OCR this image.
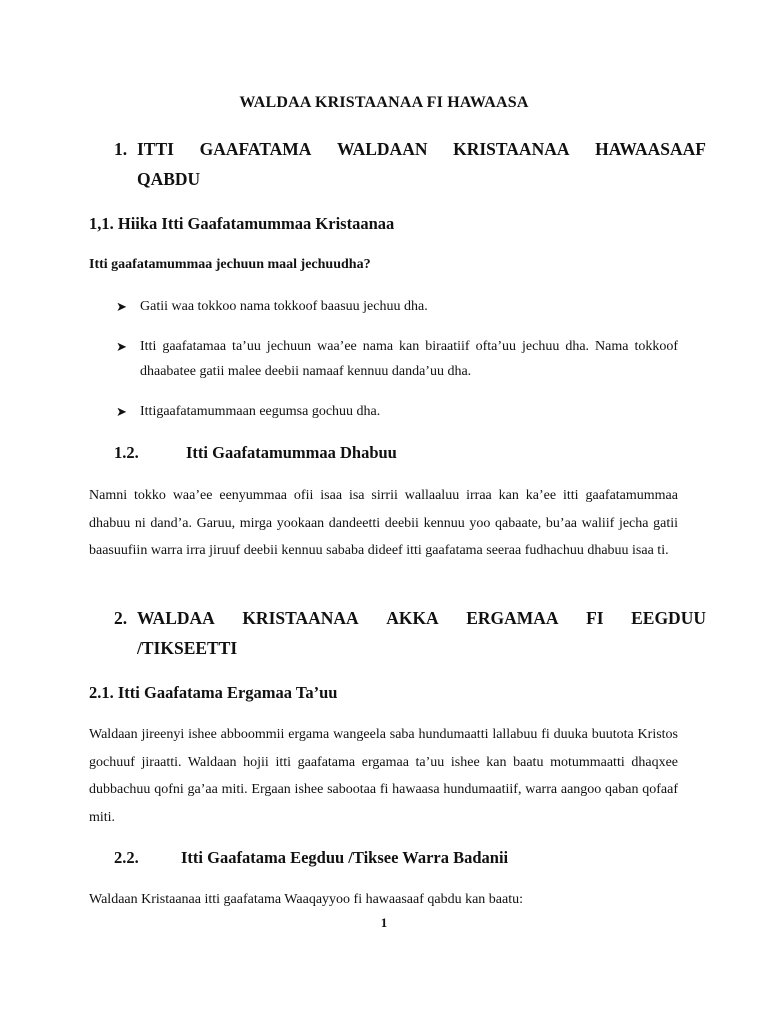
WALDAA KRISTAANAA FI HAWAASA

1. ITTI GAAFATAMA WALDAAN KRISTAANAA HAWAASAAF
QABDU

1,1. Hiika Itti Gaafatamummaa Kristaanaa

Itti gaafatamummaa jechuun maal jechuudha?

➤ Gatii waa tokkoo nama tokkoof baasuu jechuu dha.
➤ Itti gaafatamaa ta’uu jechuun waa’ee nama kan biraatiif ofta’uu jechuu dha. Nama tokkoof dhaabatee gatii malee deebii namaaf kennuu danda’uu dha.
➤ Ittigaafatamummaan eegumsa gochuu dha.

1.2.	Itti Gaafatamummaa Dhabuu

Namni tokko waa’ee eenyummaa ofii isaa isa sirrii wallaaluu irraa kan ka’ee itti gaafatamummaa dhabuu ni dand’a. Garuu, mirga yookaan dandeetti deebii kennuu yoo qabaate, bu’aa waliif jecha gatii baasuufiin warra irra jiruuf deebii kennuu sababa dideef itti gaafatama seeraa fudhachuu dhabuu isaa ti.

2. WALDAA KRISTAANAA AKKA ERGAMAA FI EEGDUU
/TIKSEETTI

2.1. Itti Gaafatama Ergamaa Ta’uu

Waldaan jireenyi ishee abboommii ergama wangeela saba hundumaatti lallabuu fi duuka buutota Kristos gochuuf jiraatti. Waldaan hojii itti gaafatama ergamaa ta’uu ishee kan baatu motummaatti dhaqxee dubbachuu qofni ga’aa miti. Ergaan ishee sabootaa fi hawaasa hundumaatiif, warra aangoo qaban qofaaf miti.

2.2.	Itti Gaafatama Eegduu /Tiksee Warra Badanii

Waldaan Kristaanaa itti gaafatama Waaqayyoo fi hawaasaaf qabdu kan baatu:

1
